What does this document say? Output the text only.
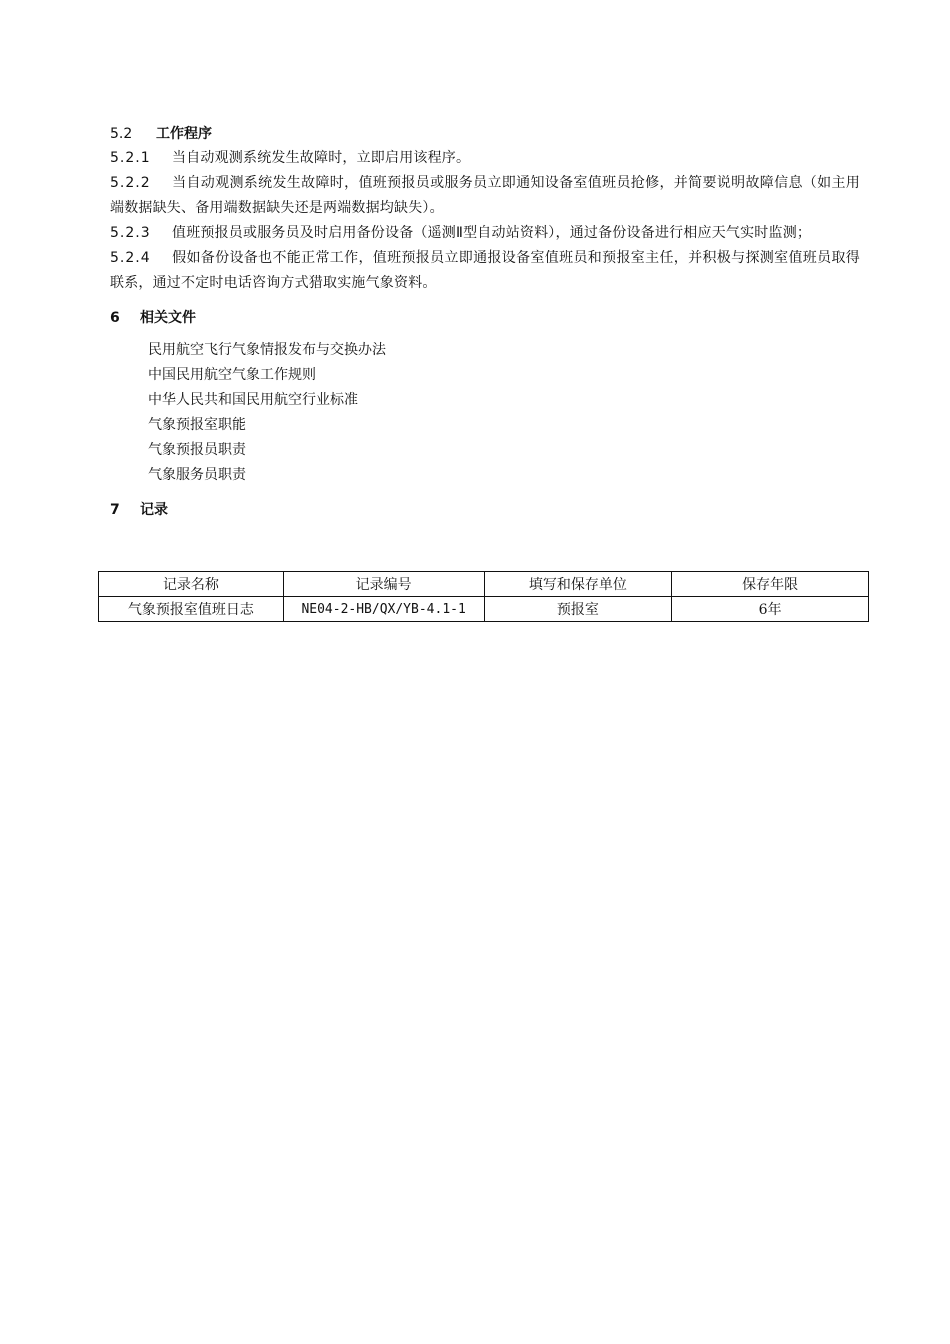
5.2	工作程序

5.2.1 当自动观测系统发生故障时，立即启用该程序。

5.2.2 当自动观测系统发生故障时，值班预报员或服务员立即通知设备室值班员抢修，并简要说明故障信息（如主用端数据缺失、备用端数据缺失还是两端数据均缺失）。

5.2.3 值班预报员或服务员及时启用备份设备（遥测Ⅱ型自动站资料），通过备份设备进行相应天气实时监测；

5.2.4 假如备份设备也不能正常工作，值班预报员立即通报设备室值班员和预报室主任，并积极与探测室值班员取得联系，通过不定时电话咨询方式猎取实施气象资料。

6	相关文件
民用航空飞行气象情报发布与交换办法
中国民用航空气象工作规则
中华人民共和国民用航空行业标准
气象预报室职能
气象预报员职责
气象服务员职责
7	记录
记录名称	记录编号	填写和保存单位	保存年限
气象预报室值班日志	NE04-2-HB/QX/YB-4.1-1	预报室	6年
